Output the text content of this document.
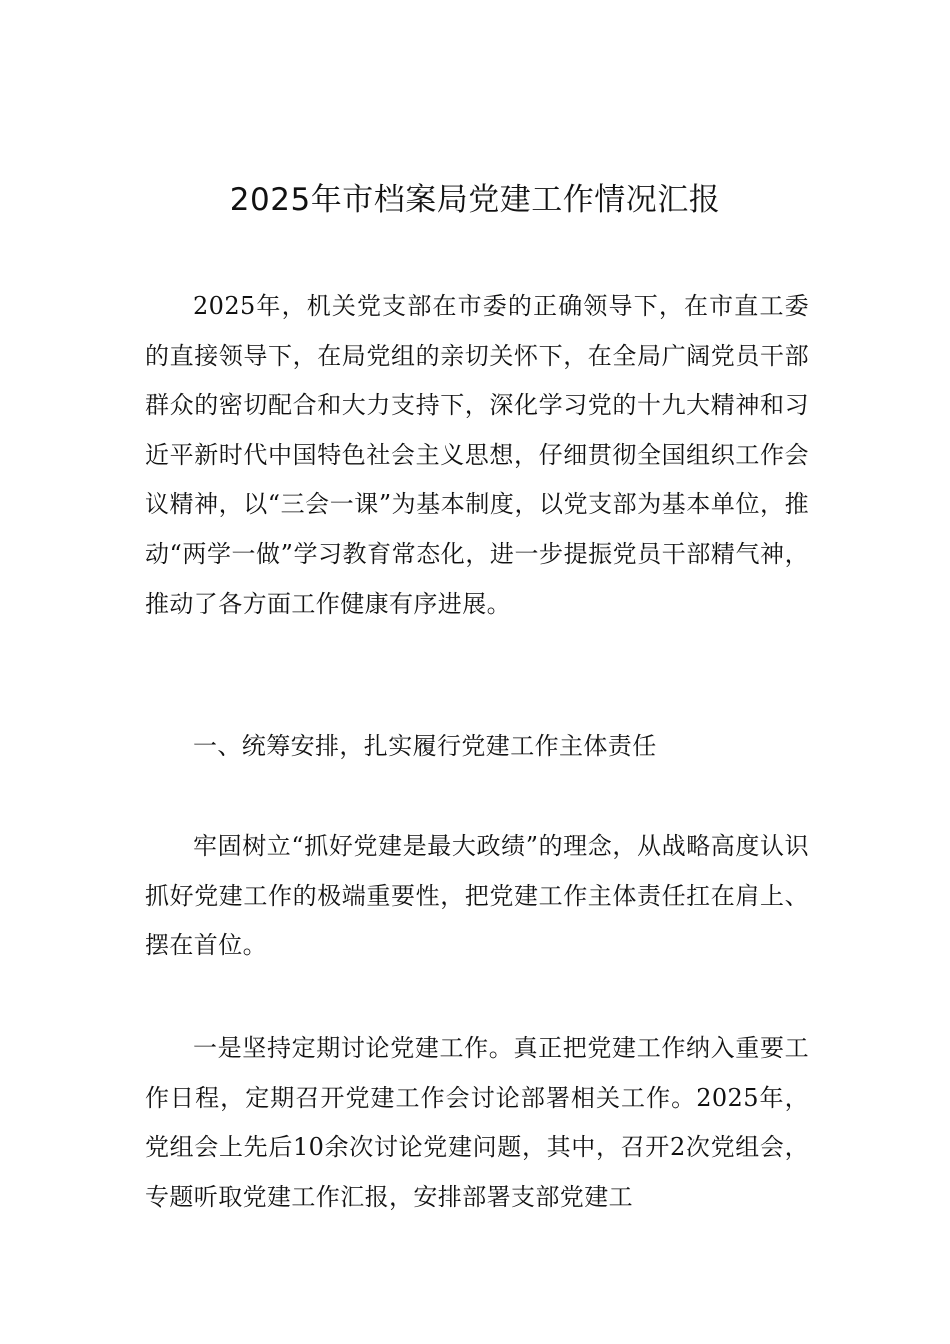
2025年市档案局党建工作情况汇报

2025年，机关党支部在市委的正确领导下，在市直工委的直接领导下，在局党组的亲切关怀下，在全局广阔党员干部群众的密切配合和大力支持下，深化学习党的十九大精神和习近平新时代中国特色社会主义思想，仔细贯彻全国组织工作会议精神，以“三会一课”为基本制度，以党支部为基本单位，推动“两学一做”学习教育常态化，进一步提振党员干部精气神，推动了各方面工作健康有序进展。

一、统筹安排，扎实履行党建工作主体责任

牢固树立“抓好党建是最大政绩”的理念，从战略高度认识抓好党建工作的极端重要性，把党建工作主体责任扛在肩上、摆在首位。

一是坚持定期讨论党建工作。真正把党建工作纳入重要工作日程，定期召开党建工作会讨论部署相关工作。2025年，党组会上先后10余次讨论党建问题，其中，召开2次党组会，专题听取党建工作汇报，安排部署支部党建工
